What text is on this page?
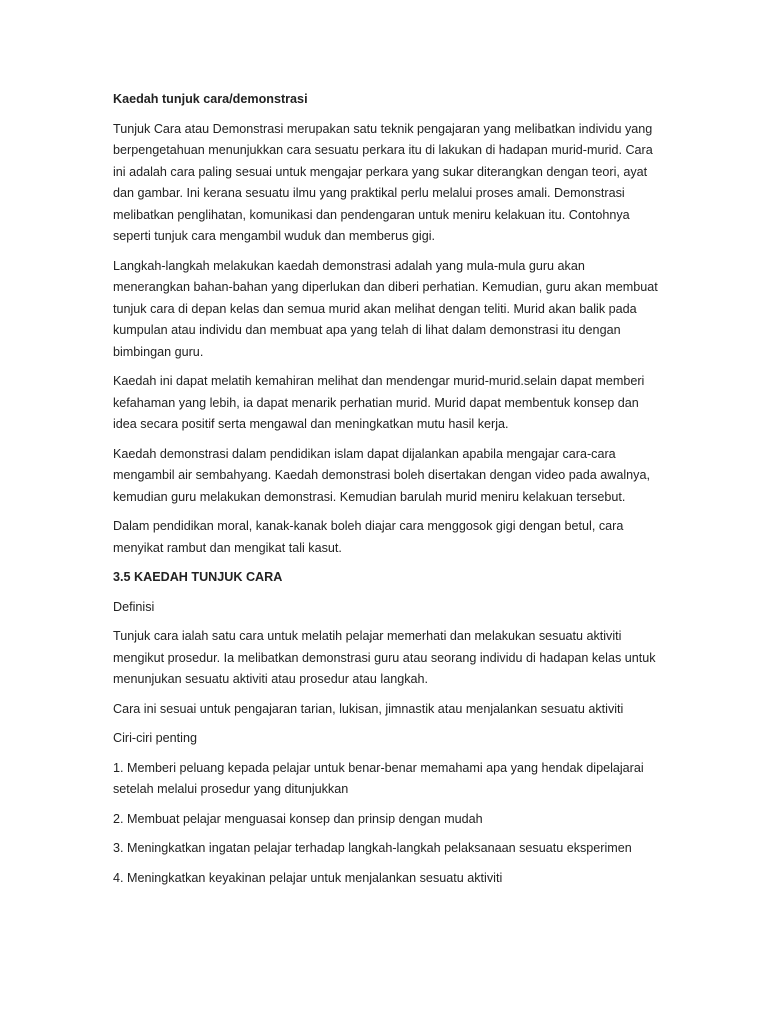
Kaedah tunjuk cara/demonstrasi

Tunjuk Cara atau Demonstrasi merupakan satu teknik pengajaran yang melibatkan individu yang berpengetahuan menunjukkan cara sesuatu perkara itu di lakukan di hadapan murid-murid. Cara ini adalah cara paling sesuai untuk mengajar perkara yang sukar diterangkan dengan teori, ayat dan gambar. Ini kerana sesuatu ilmu yang praktikal perlu melalui proses amali. Demonstrasi melibatkan penglihatan, komunikasi dan pendengaran untuk meniru kelakuan itu. Contohnya seperti tunjuk cara mengambil wuduk dan memberus gigi.

Langkah-langkah melakukan kaedah demonstrasi adalah yang mula-mula guru akan menerangkan bahan-bahan yang diperlukan dan diberi perhatian. Kemudian, guru akan membuat tunjuk cara di depan kelas dan semua murid akan melihat dengan teliti. Murid akan balik pada kumpulan atau individu dan membuat apa yang telah di lihat dalam demonstrasi itu dengan bimbingan guru.

Kaedah ini dapat melatih kemahiran melihat dan mendengar murid-murid.selain dapat memberi kefahaman yang lebih, ia dapat menarik perhatian murid. Murid dapat membentuk konsep dan idea secara positif serta mengawal dan meningkatkan mutu hasil kerja.

Kaedah demonstrasi dalam pendidikan islam dapat dijalankan apabila mengajar cara-cara mengambil air sembahyang. Kaedah demonstrasi boleh disertakan dengan video pada awalnya, kemudian guru melakukan demonstrasi. Kemudian barulah murid meniru kelakuan tersebut.

Dalam pendidikan moral, kanak-kanak boleh diajar cara menggosok gigi dengan betul, cara menyikat rambut dan mengikat tali kasut.

3.5 KAEDAH TUNJUK CARA

Definisi

Tunjuk cara ialah satu cara untuk melatih pelajar memerhati dan melakukan sesuatu aktiviti mengikut prosedur. Ia melibatkan demonstrasi guru atau seorang individu di hadapan kelas untuk menunjukan sesuatu aktiviti atau prosedur atau langkah.

Cara ini sesuai untuk pengajaran tarian, lukisan, jimnastik atau menjalankan sesuatu aktiviti

Ciri-ciri penting

1. Memberi peluang kepada pelajar untuk benar-benar memahami apa yang hendak dipelajarai setelah melalui prosedur yang ditunjukkan

2. Membuat pelajar menguasai konsep dan prinsip dengan mudah

3. Meningkatkan ingatan pelajar terhadap langkah-langkah pelaksanaan sesuatu eksperimen

4. Meningkatkan keyakinan pelajar untuk menjalankan sesuatu aktiviti
